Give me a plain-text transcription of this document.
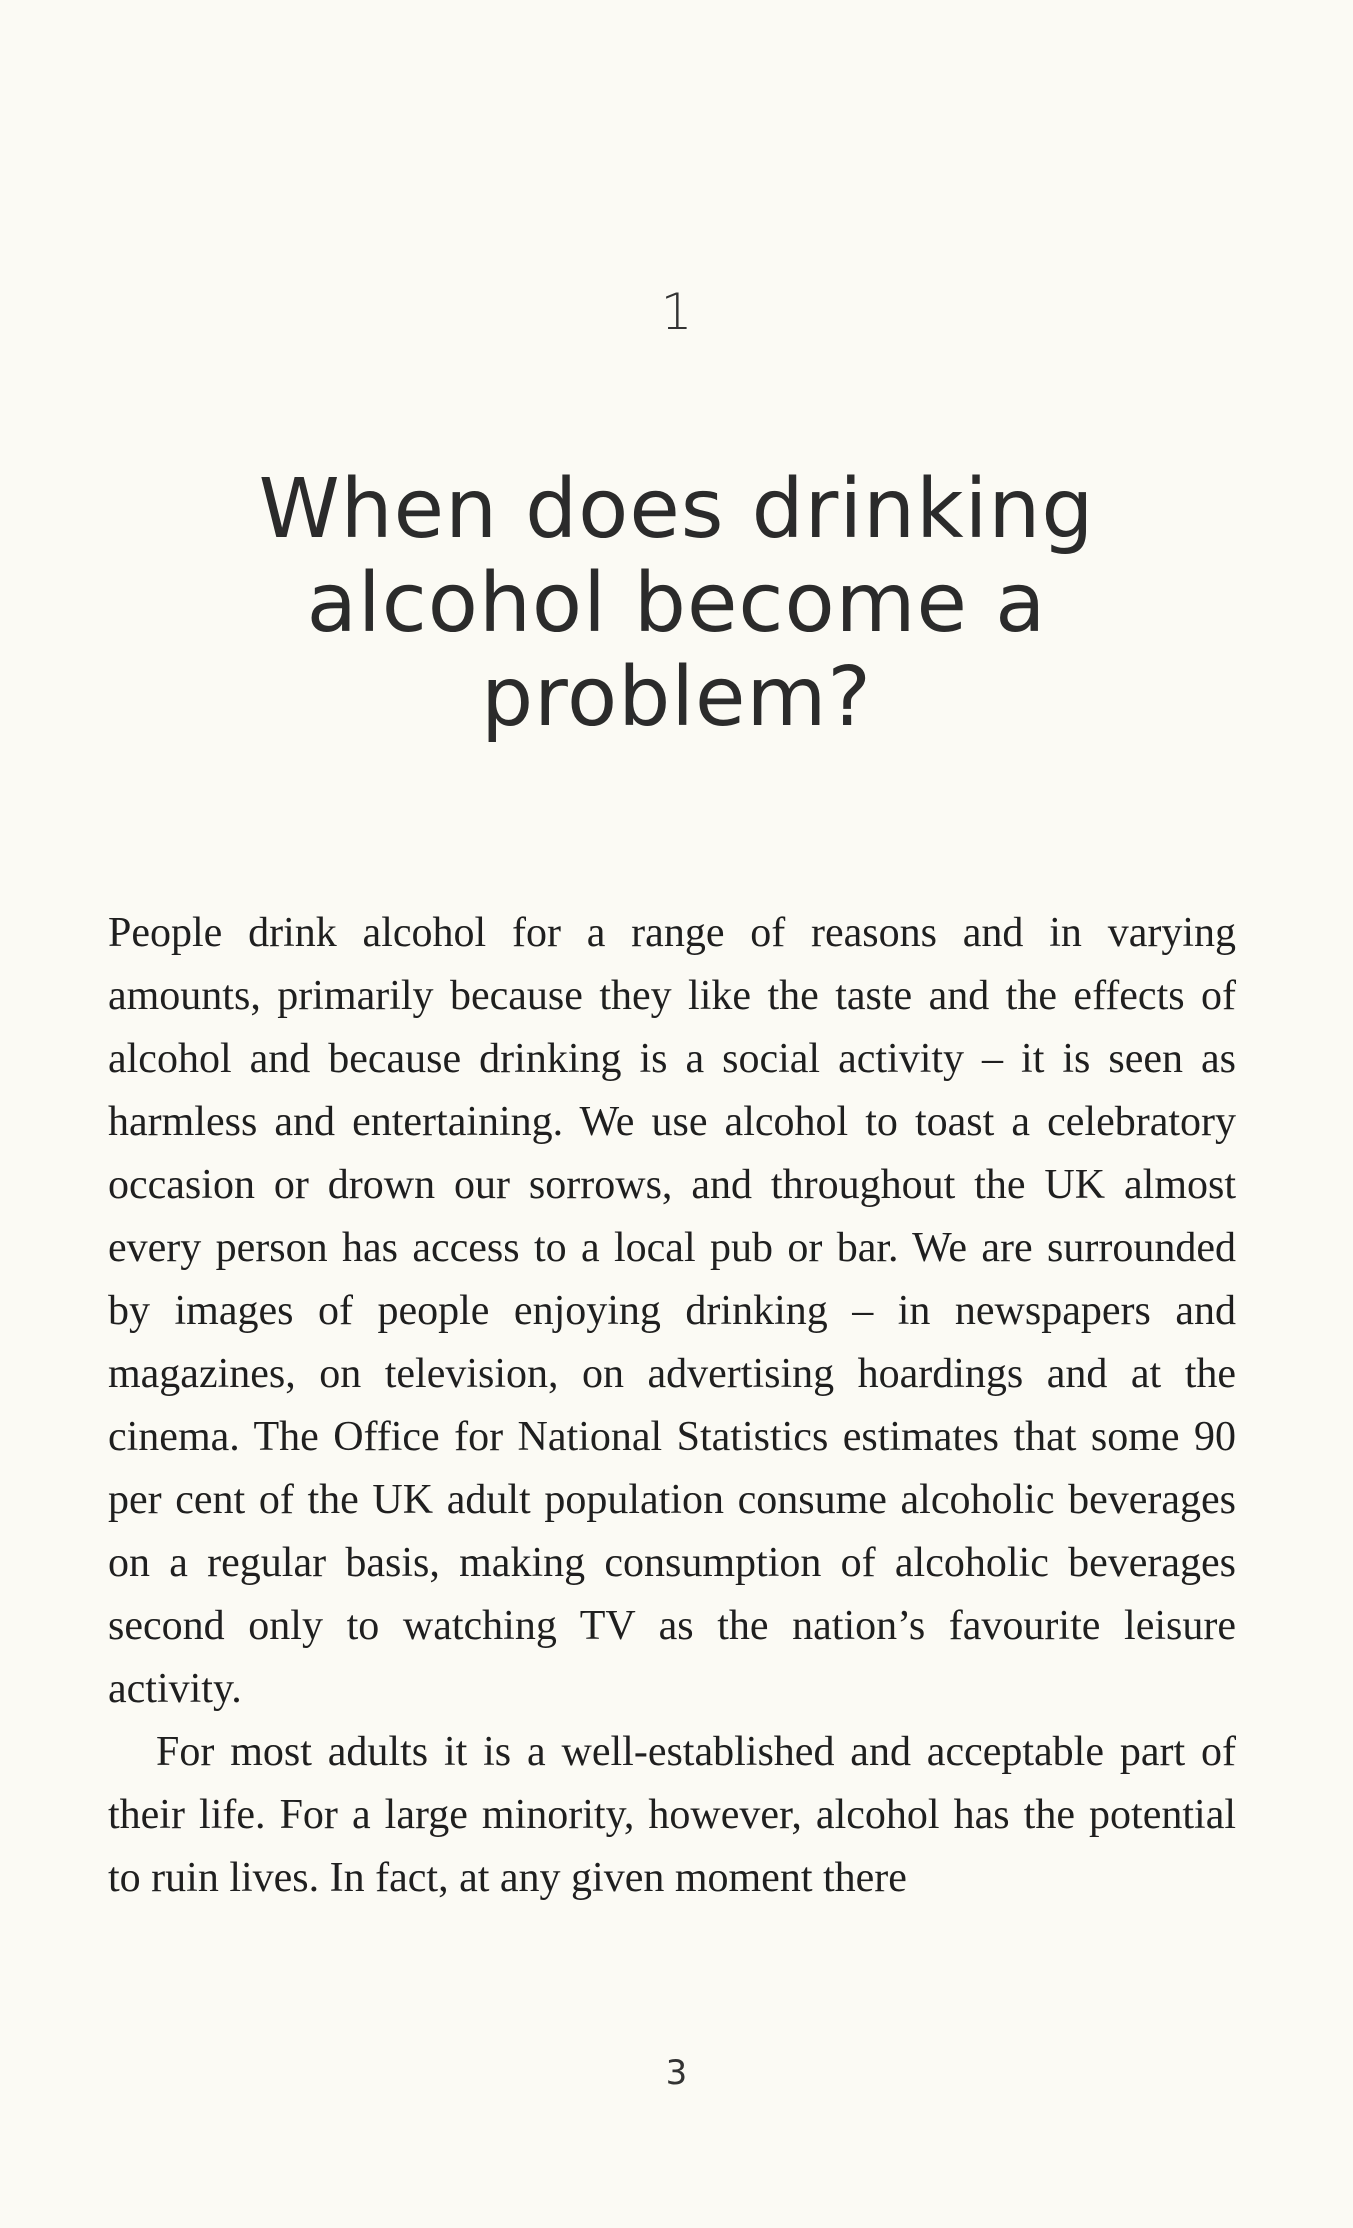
1
When does drinking alcohol become a problem?

People drink alcohol for a range of reasons and in varying amounts, primarily because they like the taste and the effects of alcohol and because drinking is a social activity – it is seen as harmless and entertaining. We use alcohol to toast a celebratory occasion or drown our sorrows, and throughout the UK almost every person has access to a local pub or bar. We are surrounded by images of people enjoying drinking – in newspapers and magazines, on television, on advertising hoardings and at the cinema. The Office for National Statistics estimates that some 90 per cent of the UK adult population consume alcoholic beverages on a regular basis, making consumption of alcoholic beverages second only to watching TV as the nation’s favourite leisure activity.

For most adults it is a well-established and acceptable part of their life. For a large minority, however, alcohol has the potential to ruin lives. In fact, at any given moment there

3
